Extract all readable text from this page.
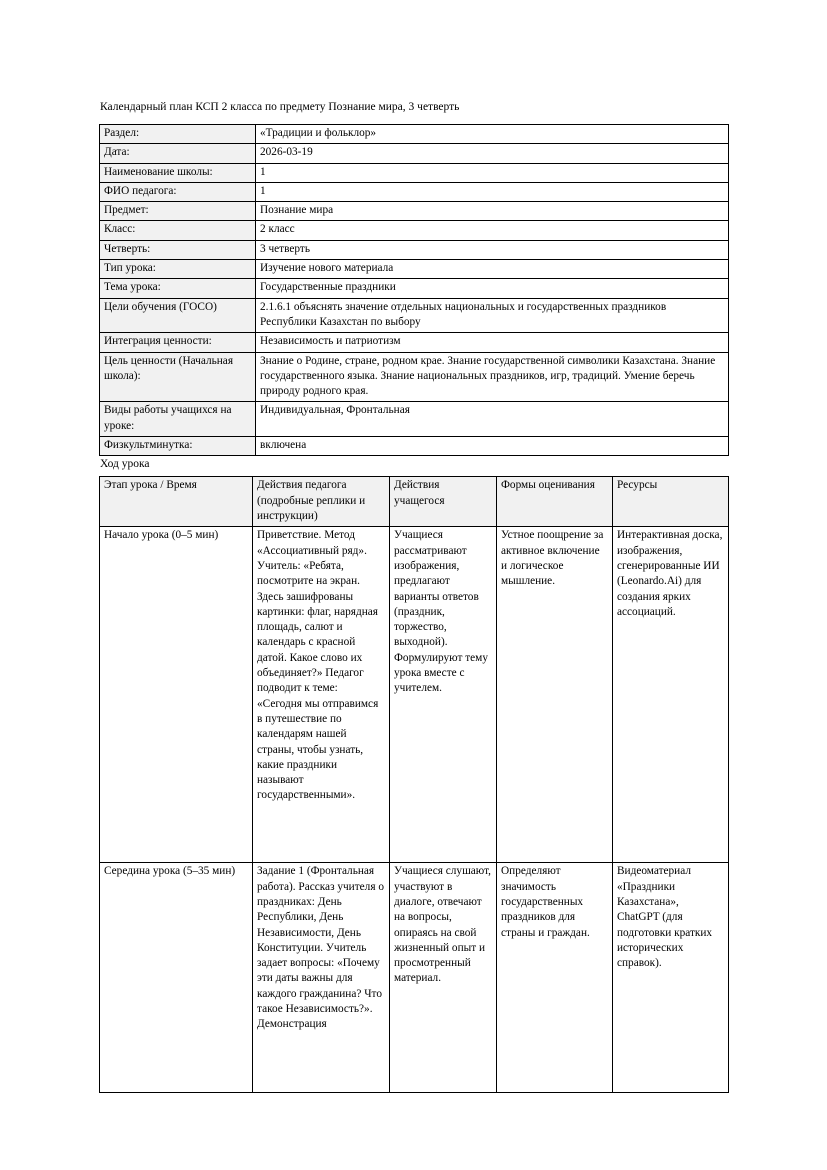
Календарный план КСП 2 класса по предмету Познание мира, 3 четверть
Раздел:	«Традиции и фольклор»
Дата:	2026-03-19
Наименование школы:	1
ФИО педагога:	1
Предмет:	Познание мира
Класс:	2 класс
Четверть:	3 четверть
Тип урока:	Изучение нового материала
Тема урока:	Государственные праздники
Цели обучения (ГОСО)	2.1.6.1 объяснять значение отдельных национальных и государственных праздников Республики Казахстан по выбору
Интеграция ценности:	Независимость и патриотизм
Цель ценности (Начальная школа):	Знание о Родине, стране, родном крае. Знание государственной символики Казахстана. Знание государственного языка. Знание национальных праздников, игр, традиций. Умение беречь природу родного края.
Виды работы учащихся на уроке:	Индивидуальная, Фронтальная
Физкультминутка:	включена
Ход урока
Этап урока / Время	Действия педагога (подробные реплики и инструкции)	Действия учащегося	Формы оценивания	Ресурсы
Начало урока (0–5 мин)	Приветствие. Метод «Ассоциативный ряд». Учитель: «Ребята, посмотрите на экран. Здесь зашифрованы картинки: флаг, нарядная площадь, салют и календарь с красной датой. Какое слово их объединяет?» Педагог подводит к теме: «Сегодня мы отправимся в путешествие по календарям нашей страны, чтобы узнать, какие праздники называют государственными».	Учащиеся рассматривают изображения, предлагают варианты ответов (праздник, торжество, выходной). Формулируют тему урока вместе с учителем.	Устное поощрение за активное включение и логическое мышление.	Интерактивная доска, изображения, сгенерированные ИИ (Leonardo.Ai) для создания ярких ассоциаций.
Середина урока (5–35 мин)	Задание 1 (Фронтальная работа). Рассказ учителя о праздниках: День Республики, День Независимости, День Конституции. Учитель задает вопросы: «Почему эти даты важны для каждого гражданина? Что такое Независимость?». Демонстрация	Учащиеся слушают, участвуют в диалоге, отвечают на вопросы, опираясь на свой жизненный опыт и просмотренный материал.	Определяют значимость государственных праздников для страны и граждан.	Видеоматериал «Праздники Казахстана», ChatGPT (для подготовки кратких исторических справок).
